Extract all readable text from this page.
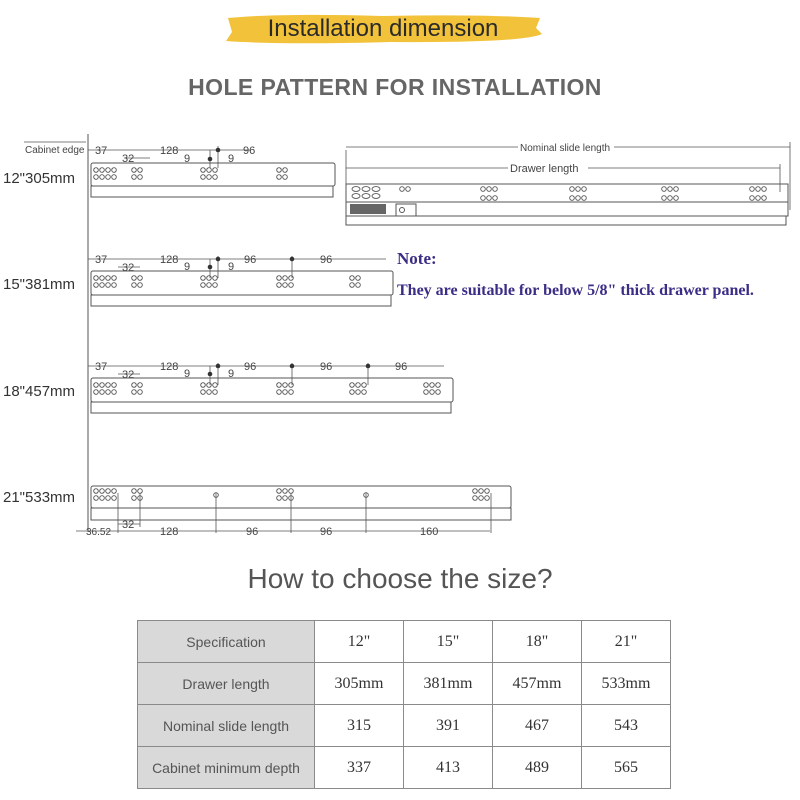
Installation dimension
HOLE PATTERN FOR INSTALLATION
Cabinet edge
12"305mm
37
32
128
9	9
96	Nominal slide length
Drawer length
15"381mm
37
32
128
9	9
96	96
18"457mm
37
32
128
9	9
96	96	96
21"533mm
36.52
32
128	96	96	160
Note:
They are suitable for below 5/8" thick drawer panel.
How to choose the size?
Specification	12"	15"	18"	21"
Drawer length	305mm	381mm	457mm	533mm
Nominal slide length	315	391	467	543
Cabinet minimum depth	337	413	489	565
